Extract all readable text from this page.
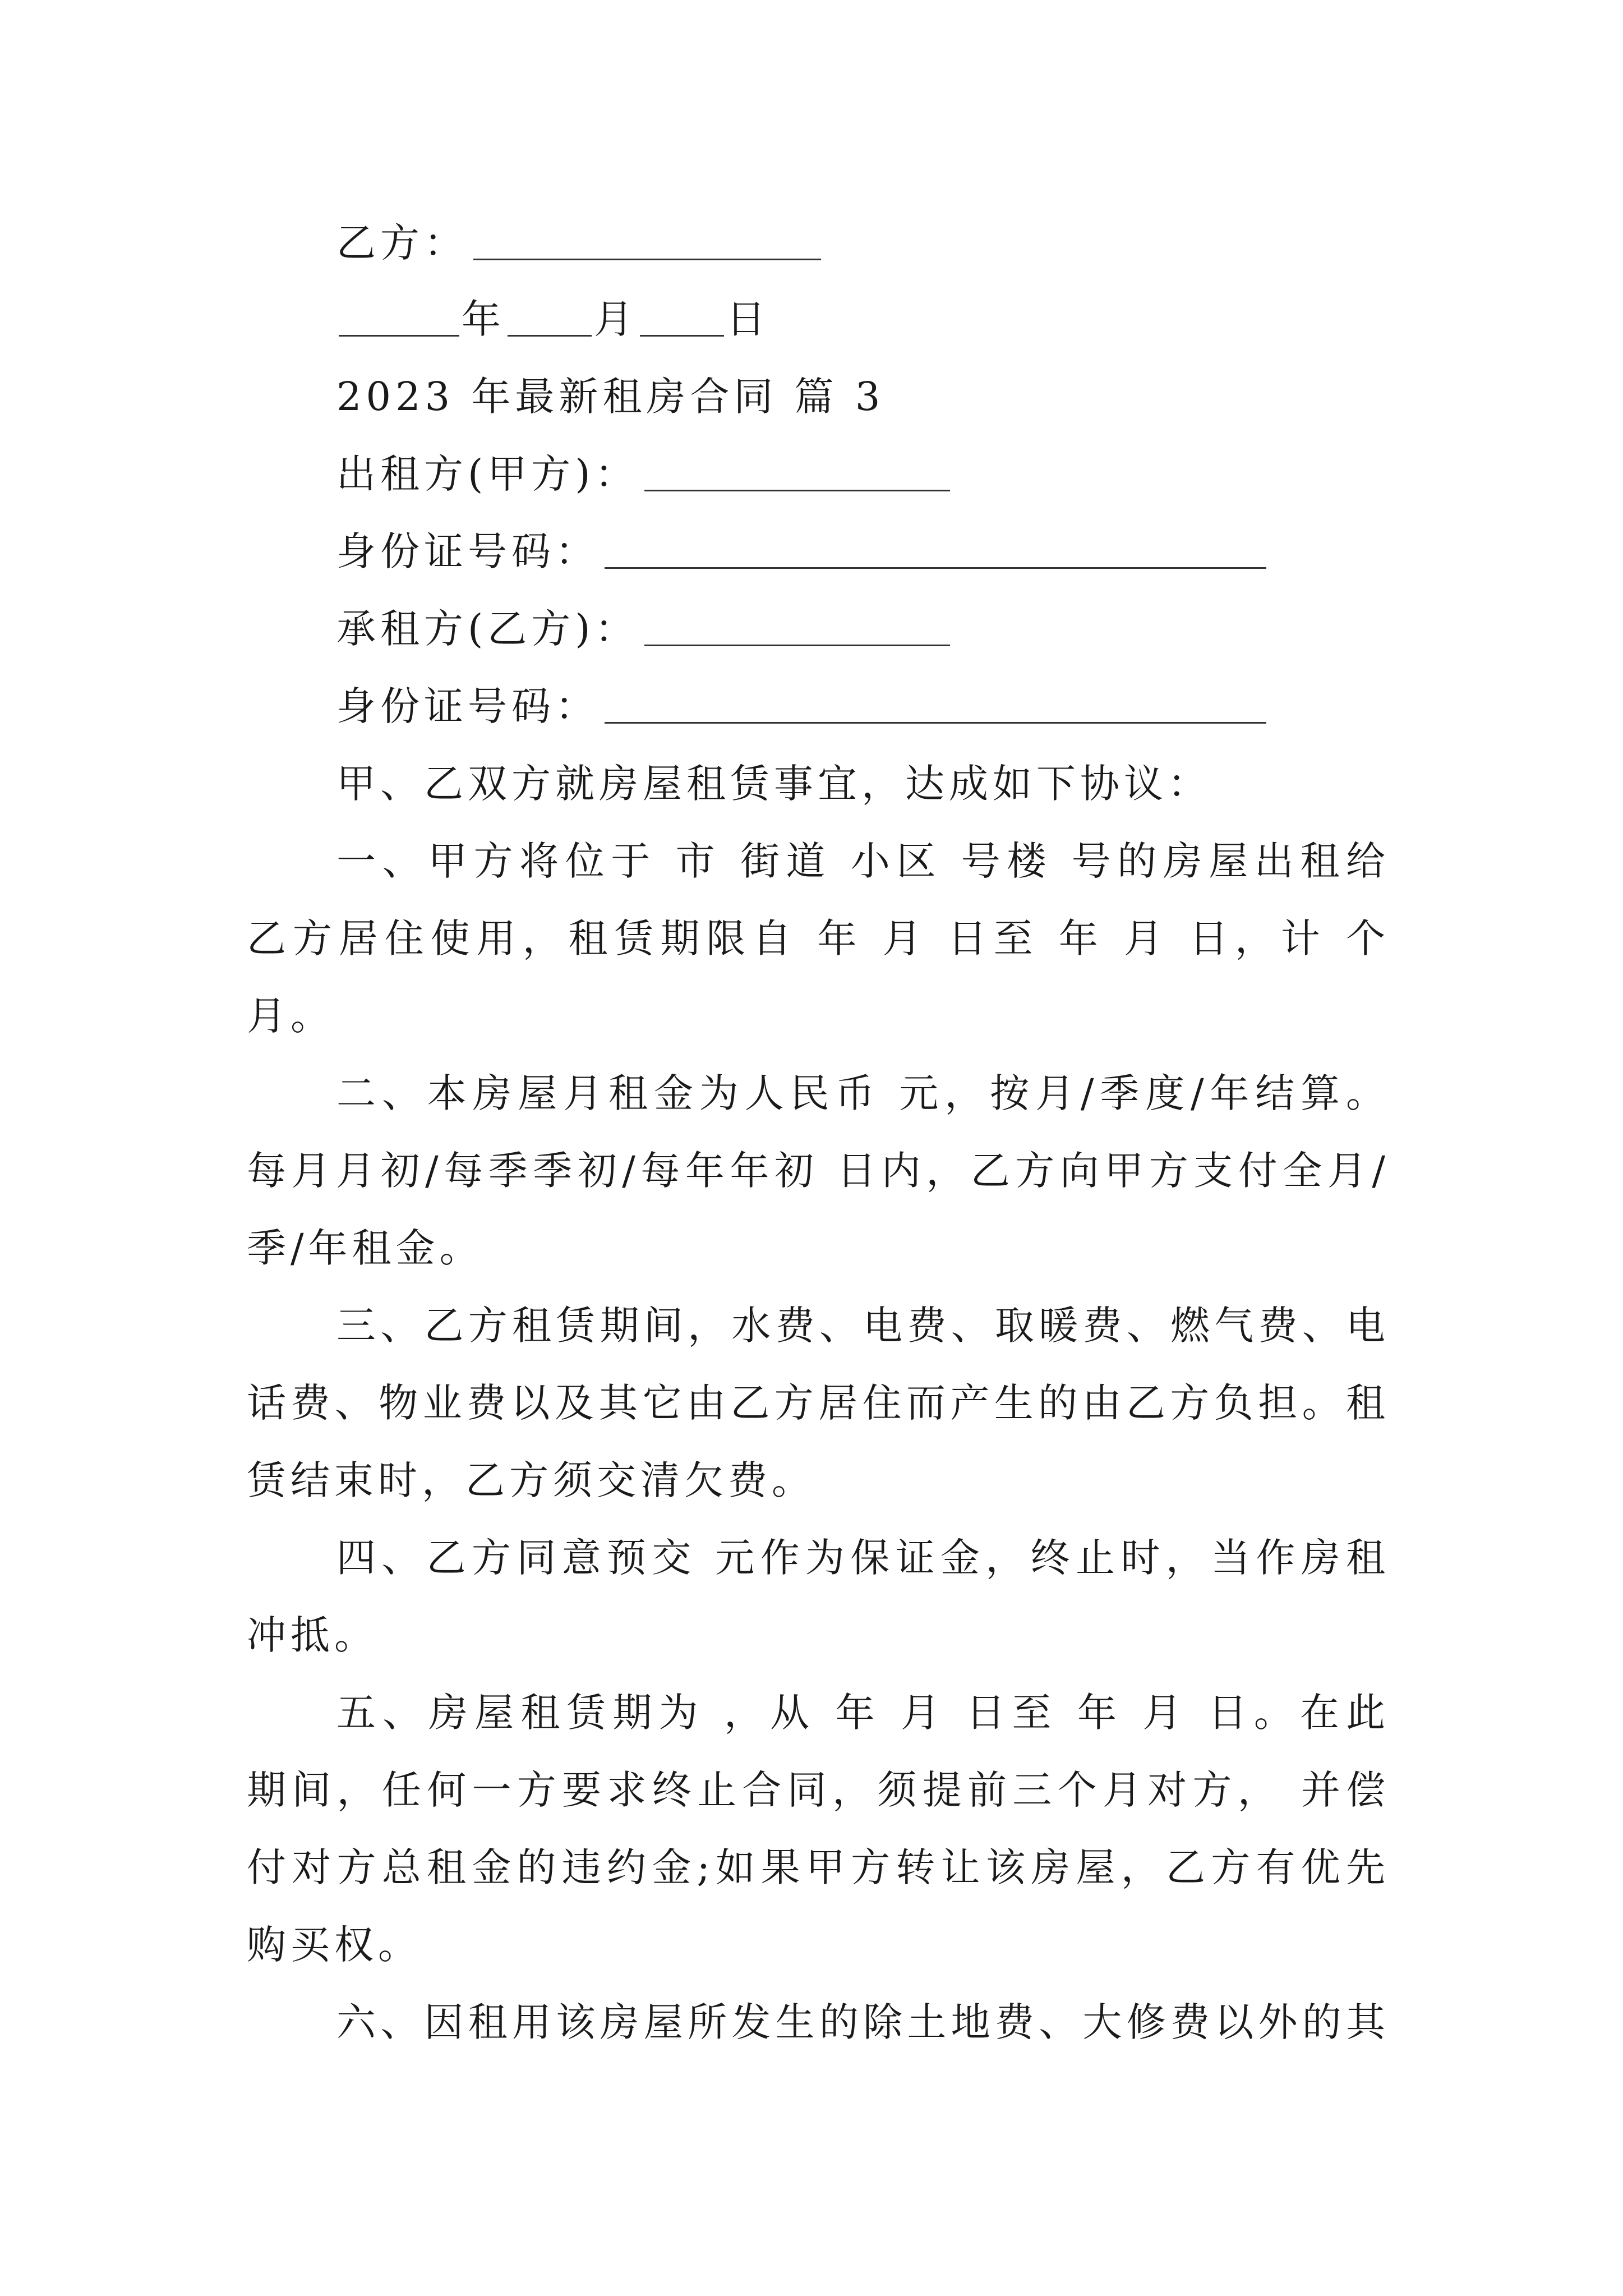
乙方：
年 月 日
2023 年最新租房合同 篇 3
出租方(甲方)：
身份证号码：
承租方(乙方)：
身份证号码：
甲、乙双方就房屋租赁事宜，达成如下协议：
一、甲方将位于 市 街道 小区 号楼 号的房屋出租给
乙方居住使用，租赁期限自 年 月 日至 年 月 日，计 个
月。
二、本房屋月租金为人民币 元，按月/季度/年结算。
每月月初/每季季初/每年年初 日内，乙方向甲方支付全月/
季/年租金。
三、乙方租赁期间，水费、电费、取暖费、燃气费、电
话费、物业费以及其它由乙方居住而产生的由乙方负担。租
赁结束时，乙方须交清欠费。
四、乙方同意预交 元作为保证金，终止时，当作房租
冲抵。
五、房屋租赁期为 ，从 年 月 日至 年 月 日。在此
期间，任何一方要求终止合同，须提前三个月对方， 并偿
付对方总租金的违约金;如果甲方转让该房屋，乙方有优先
购买权。
六、因租用该房屋所发生的除土地费、大修费以外的其
